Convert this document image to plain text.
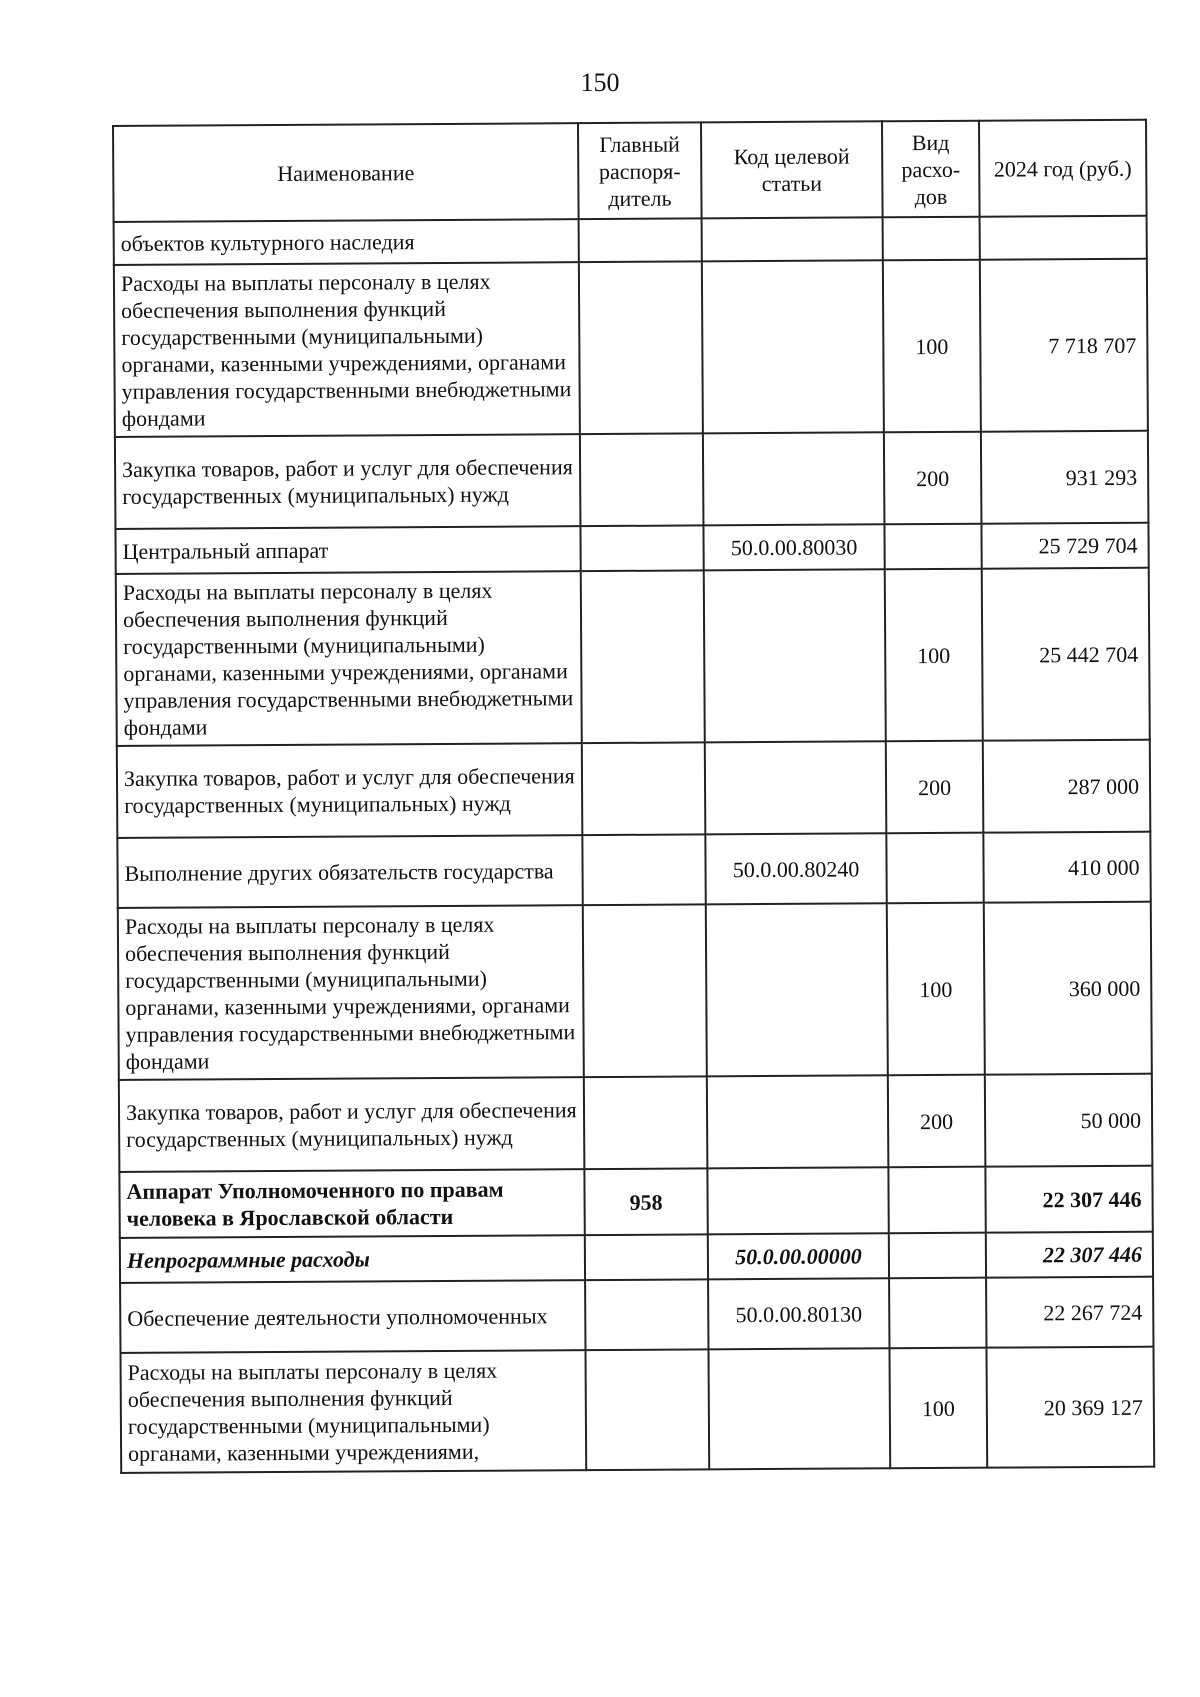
150
Наименование	Главный распоря-дитель	Код целевой статьи	Вид расхо-дов	2024 год (руб.)
объектов культурного наследия				
Расходы на выплаты персоналу в целях обеспечения выполнения функций государственными (муниципальными) органами, казенными учреждениями, органами управления государственными внебюджетными фондами			100	7 718 707
Закупка товаров, работ и услуг для обеспечения государственных (муниципальных) нужд			200	931 293
Центральный аппарат		50.0.00.80030		25 729 704
Расходы на выплаты персоналу в целях обеспечения выполнения функций государственными (муниципальными) органами, казенными учреждениями, органами управления государственными внебюджетными фондами			100	25 442 704
Закупка товаров, работ и услуг для обеспечения государственных (муниципальных) нужд			200	287 000
Выполнение других обязательств государства		50.0.00.80240		410 000
Расходы на выплаты персоналу в целях обеспечения выполнения функций государственными (муниципальными) органами, казенными учреждениями, органами управления государственными внебюджетными фондами			100	360 000
Закупка товаров, работ и услуг для обеспечения государственных (муниципальных) нужд			200	50 000
Аппарат Уполномоченного по правам человека в Ярославской области	958			22 307 446
Непрограммные расходы		50.0.00.00000		22 307 446
Обеспечение деятельности уполномоченных		50.0.00.80130		22 267 724
Расходы на выплаты персоналу в целях обеспечения выполнения функций государственными (муниципальными) органами, казенными учреждениями,			100	20 369 127
